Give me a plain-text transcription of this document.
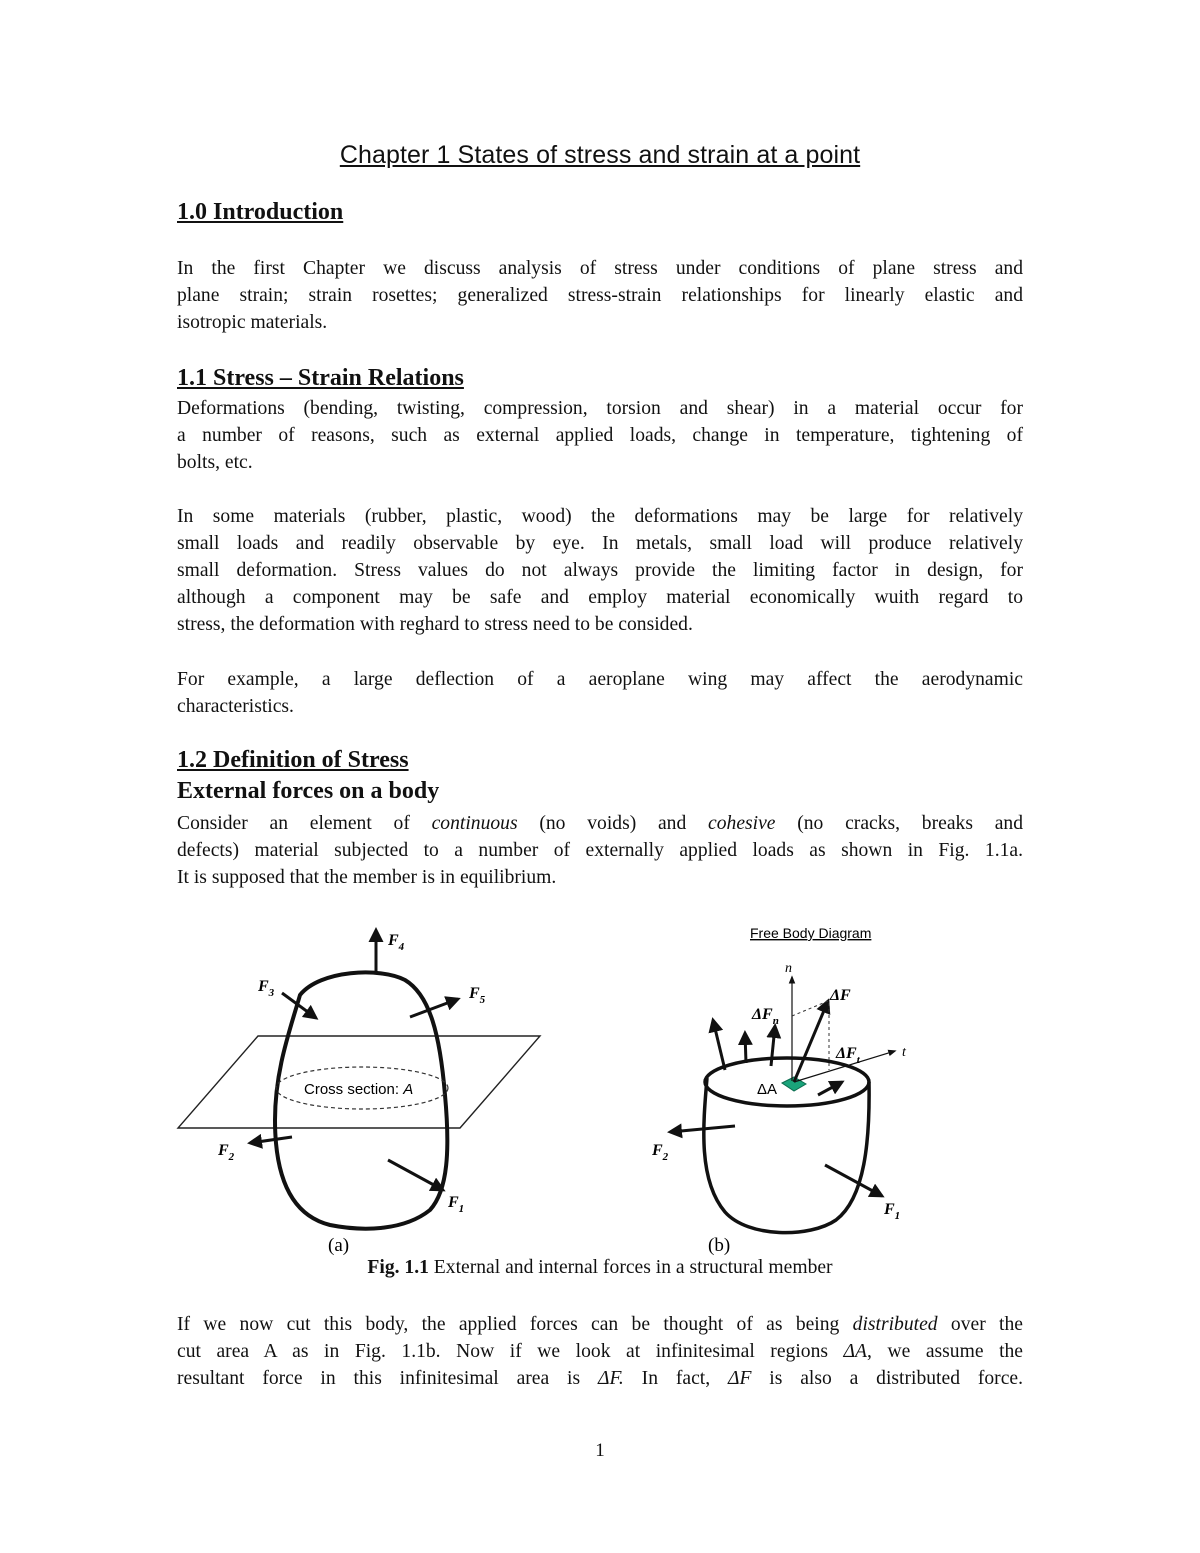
Chapter 1 States of stress and strain at a point
1.0 Introduction
In the first Chapter we discuss analysis of stress under conditions of plane stress and
plane strain; strain rosettes; generalized stress-strain relationships for linearly elastic and
isotropic materials.
1.1 Stress – Strain Relations
Deformations (bending, twisting, compression, torsion and shear) in a material occur for
a number of reasons, such as external applied loads, change in temperature, tightening of
bolts, etc.
In some materials (rubber, plastic, wood) the deformations may be large for relatively
small loads and readily observable by eye. In metals, small load will produce relatively
small deformation. Stress values do not always provide the limiting factor in design, for
although a component may be safe and employ material economically wuith regard to
stress, the deformation with reghard to stress need to be consided.
For example, a large deflection of a aeroplane wing may affect the aerodynamic
characteristics.
1.2 Definition of Stress
External forces on a body
Consider an element of continuous (no voids) and cohesive (no cracks, breaks and
defects) material subjected to a number of externally applied loads as shown in Fig. 1.1a.
It is supposed that the member is in equilibrium.
Cross section: A
$F_4$
$F_3$	$F_5$
$F_2$
$F_1$
(a)
Free Body Diagram
n
t
ΔF
$\Delta F_n$
$\Delta F_t$
ΔA
$F_2$
$F_1$
(b)
Fig. 1.1 External and internal forces in a structural member
If we now cut this body, the applied forces can be thought of as being distributed over the
cut area A as in Fig. 1.1b. Now if we look at infinitesimal regions ΔA, we assume the
resultant force in this infinitesimal area is ΔF. In fact, ΔF is also a distributed force.
1
